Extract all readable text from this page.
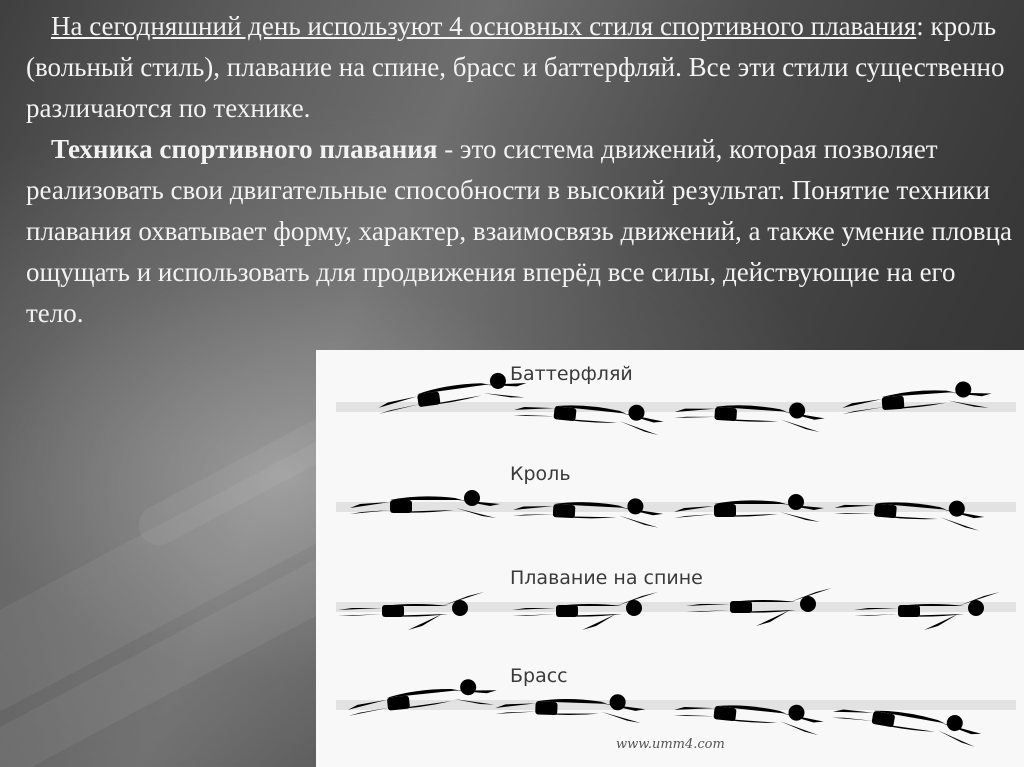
На сегодняшний день используют 4 основных стиля спортивного плавания: кроль (вольный стиль), плавание на спине, брасс и баттерфляй. Все эти стили существенно различаются по технике.

Техника спортивного плавания - это система движений, которая позволяет реализовать свои двигательные способности в высокий результат. Понятие техники плавания охватывает форму, характер, взаимосвязь движений, а также умение пловца ощущать и использовать для продвижения вперёд все силы, действующие на его тело.

Баттерфляй
Кроль
Плавание на спине
Брасс
www.umm4.com
